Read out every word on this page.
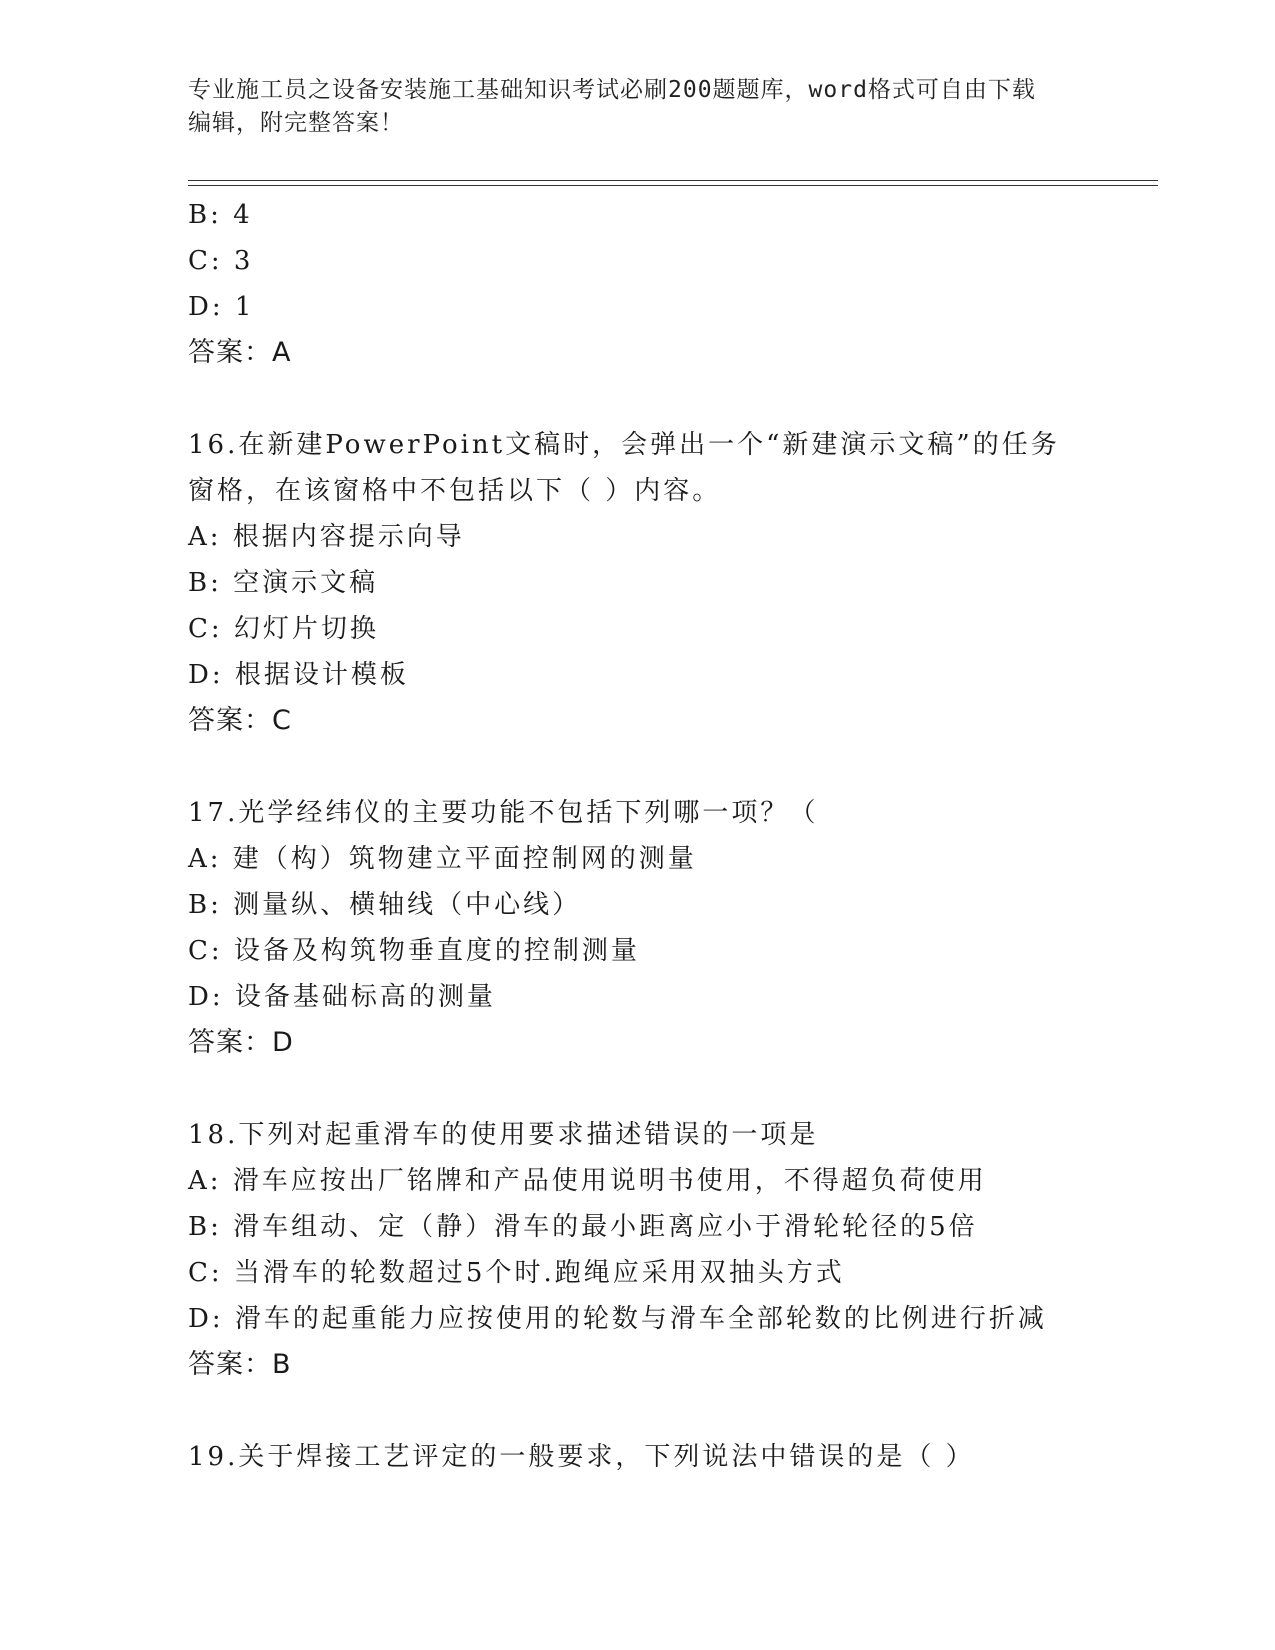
专业施工员之设备安装施工基础知识考试必刷200题题库，word格式可自由下载
编辑，附完整答案！
B: 4
C: 3
D: 1
答案：A
16.在新建PowerPoint文稿时，会弹出一个“新建演示文稿”的任务
窗格，在该窗格中不包括以下（ ）内容。
A: 根据内容提示向导
B: 空演示文稿
C: 幻灯片切换
D: 根据设计模板
答案：C
17.光学经纬仪的主要功能不包括下列哪一项？（
A: 建（构）筑物建立平面控制网的测量
B: 测量纵、横轴线（中心线）
C: 设备及构筑物垂直度的控制测量
D: 设备基础标高的测量
答案：D
18.下列对起重滑车的使用要求描述错误的一项是
A: 滑车应按出厂铭牌和产品使用说明书使用，不得超负荷使用
B: 滑车组动、定（静）滑车的最小距离应小于滑轮轮径的5倍
C: 当滑车的轮数超过5个时.跑绳应采用双抽头方式
D: 滑车的起重能力应按使用的轮数与滑车全部轮数的比例进行折减
答案：B
19.关于焊接工艺评定的一般要求，下列说法中错误的是（ ）
